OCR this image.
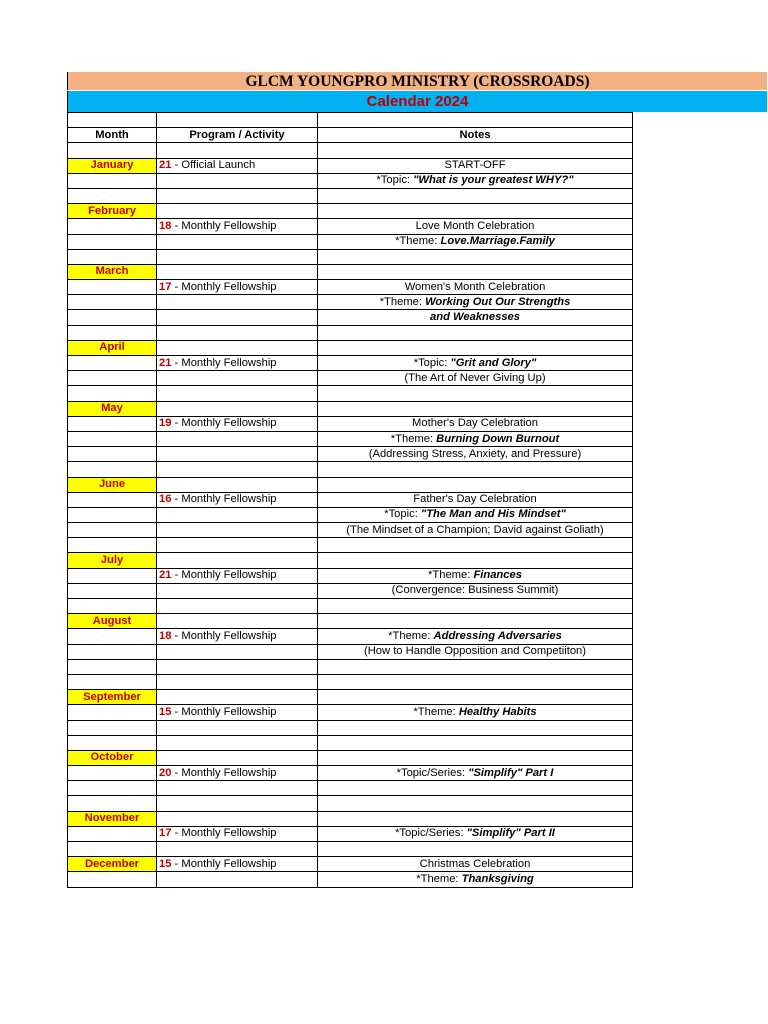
GLCM YOUNGPRO MINISTRY (CROSSROADS)
Calendar 2024

Month	Program / Activity	Notes

January	21 - Official Launch	START-OFF
		*Topic: "What is your greatest WHY?"

February		
	18 - Monthly Fellowship	Love Month Celebration
		*Theme: Love.Marriage.Family

March		
	17 - Monthly Fellowship	Women's Month Celebration
		*Theme: Working Out Our Strengths
		and Weaknesses

April		
	21 - Monthly Fellowship	*Topic: "Grit and Glory"
		(The Art of Never Giving Up)

May		
	19 - Monthly Fellowship	Mother's Day Celebration
		*Theme: Burning Down Burnout
		(Addressing Stress, Anxiety, and Pressure)

June		
	16 - Monthly Fellowship	Father's Day Celebration
		*Topic: "The Man and His Mindset"
		(The Mindset of a Champion; David against Goliath)

July		
	21 - Monthly Fellowship	*Theme: Finances
		(Convergence: Business Summit)

August		
	18 - Monthly Fellowship	*Theme: Addressing Adversaries
		(How to Handle Opposition and Competiiton)

September		
	15 - Monthly Fellowship	*Theme: Healthy Habits

October		
	20 - Monthly Fellowship	*Topic/Series: "Simplify" Part I

November		
	17 - Monthly Fellowship	*Topic/Series: "Simplify" Part II

December	15 - Monthly Fellowship	Christmas Celebration
		*Theme: Thanksgiving
